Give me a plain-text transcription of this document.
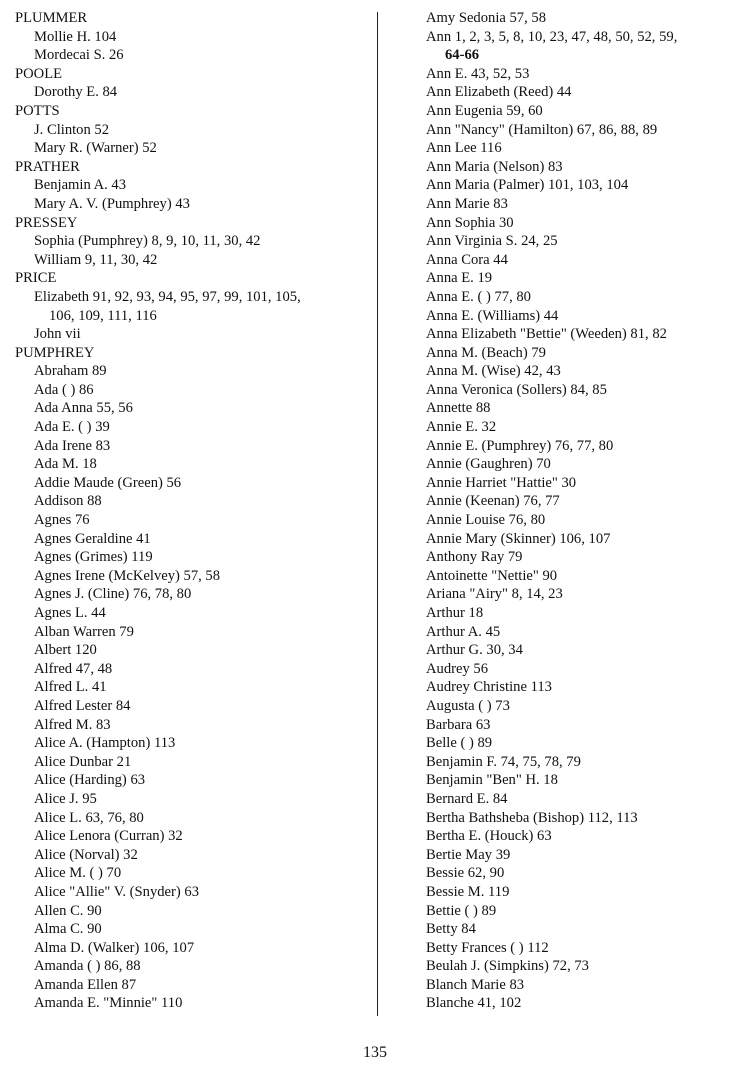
PLUMMER
Mollie H. 104
Mordecai S. 26
POOLE
Dorothy E. 84
POTTS
J. Clinton 52
Mary R. (Warner) 52
PRATHER
Benjamin A. 43
Mary A. V. (Pumphrey) 43
PRESSEY
Sophia (Pumphrey) 8, 9, 10, 11, 30, 42
William 9, 11, 30, 42
PRICE
Elizabeth 91, 92, 93, 94, 95, 97, 99, 101, 105,
106, 109, 111, 116
John vii
PUMPHREY
Abraham 89
Ada ( ) 86
Ada Anna 55, 56
Ada E. ( ) 39
Ada Irene 83
Ada M. 18
Addie Maude (Green) 56
Addison 88
Agnes 76
Agnes Geraldine 41
Agnes (Grimes) 119
Agnes Irene (McKelvey) 57, 58
Agnes J. (Cline) 76, 78, 80
Agnes L. 44
Alban Warren 79
Albert 120
Alfred 47, 48
Alfred L. 41
Alfred Lester 84
Alfred M. 83
Alice A. (Hampton) 113
Alice Dunbar 21
Alice (Harding) 63
Alice J. 95
Alice L. 63, 76, 80
Alice Lenora (Curran) 32
Alice (Norval) 32
Alice M. ( ) 70
Alice "Allie" V. (Snyder) 63
Allen C. 90
Alma C. 90
Alma D. (Walker) 106, 107
Amanda ( ) 86, 88
Amanda Ellen 87
Amanda E. "Minnie" 110
Amy Sedonia 57, 58
Ann 1, 2, 3, 5, 8, 10, 23, 47, 48, 50, 52, 59,
64-66
Ann E. 43, 52, 53
Ann Elizabeth (Reed) 44
Ann Eugenia 59, 60
Ann "Nancy" (Hamilton) 67, 86, 88, 89
Ann Lee 116
Ann Maria (Nelson) 83
Ann Maria (Palmer) 101, 103, 104
Ann Marie 83
Ann Sophia 30
Ann Virginia S. 24, 25
Anna Cora 44
Anna E. 19
Anna E. ( ) 77, 80
Anna E. (Williams) 44
Anna Elizabeth "Bettie" (Weeden) 81, 82
Anna M. (Beach) 79
Anna M. (Wise) 42, 43
Anna Veronica (Sollers) 84, 85
Annette 88
Annie E. 32
Annie E. (Pumphrey) 76, 77, 80
Annie (Gaughren) 70
Annie Harriet "Hattie" 30
Annie (Keenan) 76, 77
Annie Louise 76, 80
Annie Mary (Skinner) 106, 107
Anthony Ray 79
Antoinette "Nettie" 90
Ariana "Airy" 8, 14, 23
Arthur 18
Arthur A. 45
Arthur G. 30, 34
Audrey 56
Audrey Christine 113
Augusta ( ) 73
Barbara 63
Belle ( ) 89
Benjamin F. 74, 75, 78, 79
Benjamin "Ben" H. 18
Bernard E. 84
Bertha Bathsheba (Bishop) 112, 113
Bertha E. (Houck) 63
Bertie May 39
Bessie 62, 90
Bessie M. 119
Bettie ( ) 89
Betty 84
Betty Frances ( ) 112
Beulah J. (Simpkins) 72, 73
Blanch Marie 83
Blanche 41, 102
135
